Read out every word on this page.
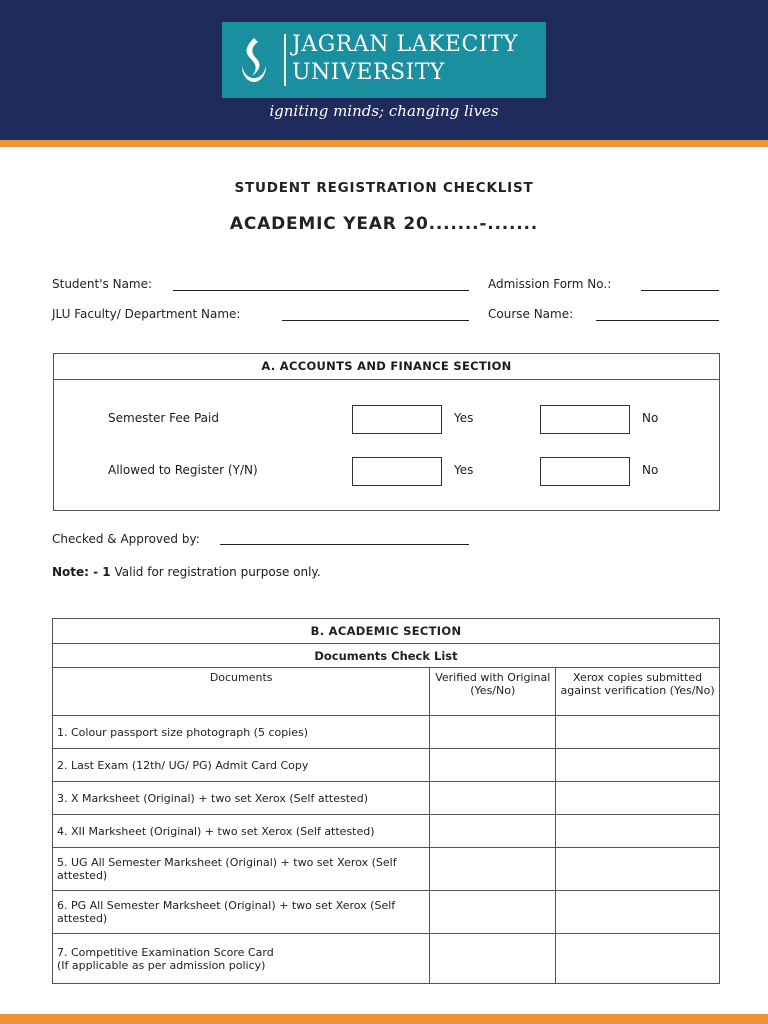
JAGRAN LAKECITY
UNIVERSITY
igniting minds; changing lives
STUDENT REGISTRATION CHECKLIST
ACADEMIC YEAR 20.......-.......
Student's Name:	Admission Form No.:
JLU Faculty/ Department Name:	Course Name:
A. ACCOUNTS AND FINANCE SECTION
Semester Fee Paid	Yes	No
Allowed to Register (Y/N)	Yes	No
Checked & Approved by:
Note: - 1 Valid for registration purpose only.
B. ACADEMIC SECTION		
Documents Check List		
Documents	Verified with Original (Yes/No)	Xerox copies submitted against verification (Yes/No)
1. Colour passport size photograph (5 copies)		
2. Last Exam (12th/ UG/ PG) Admit Card Copy		
3. X Marksheet (Original) + two set Xerox (Self attested)		
4. XII Marksheet (Original) + two set Xerox (Self attested)		
5. UG All Semester Marksheet (Original) + two set Xerox (Self attested)		
6. PG All Semester Marksheet (Original) + two set Xerox (Self attested)		

7. Competitive Examination Score Card
(If applicable as per admission policy)		
